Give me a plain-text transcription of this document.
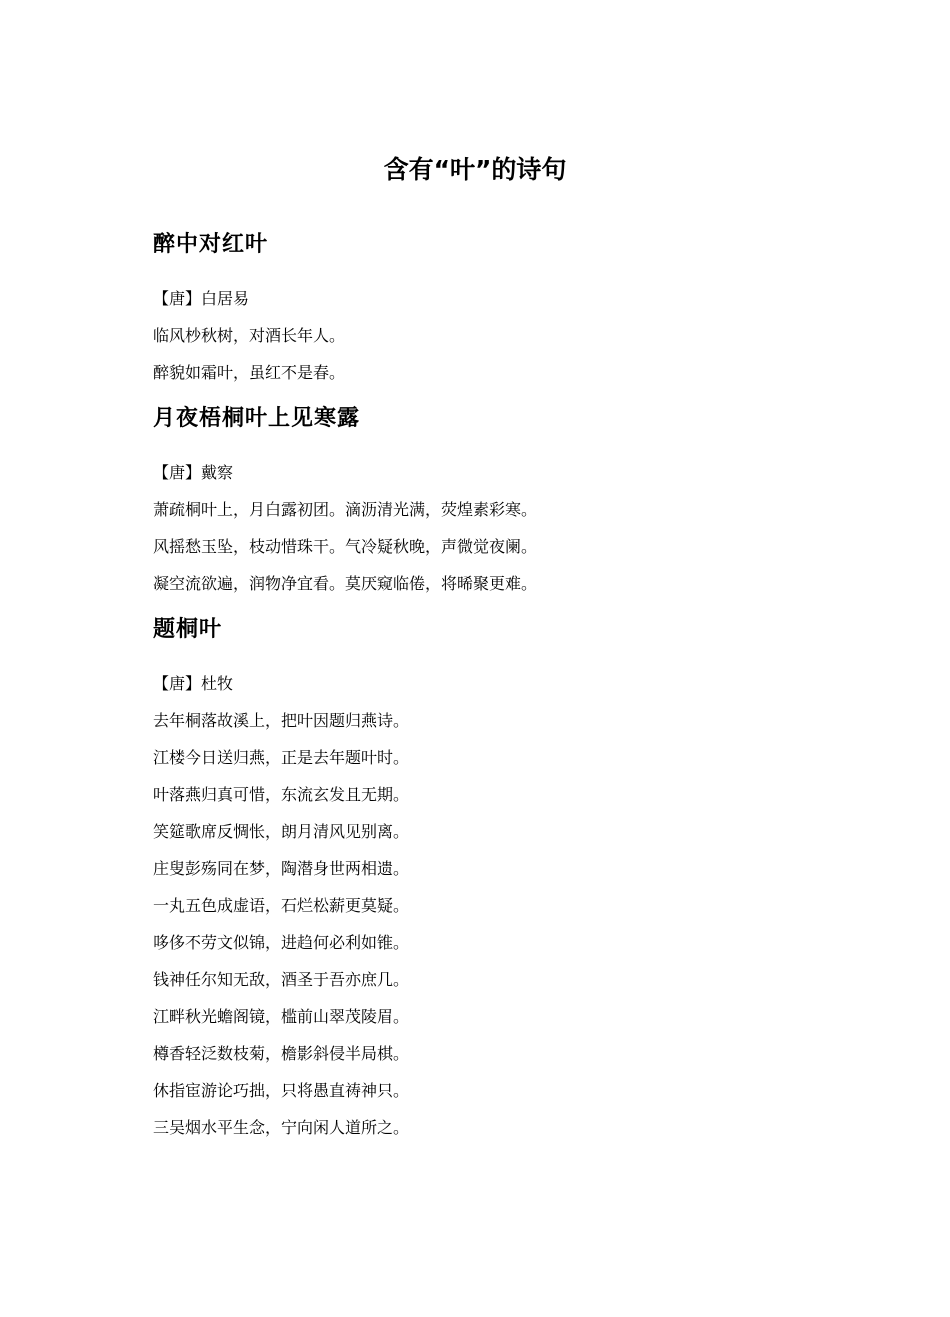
含有“叶”的诗句
醉中对红叶
【唐】白居易
临风杪秋树，对酒长年人。
醉貌如霜叶，虽红不是春。
月夜梧桐叶上见寒露
【唐】戴察
萧疏桐叶上，月白露初团。滴沥清光满，荧煌素彩寒。
风摇愁玉坠，枝动惜珠干。气冷疑秋晚，声微觉夜阑。
凝空流欲遍，润物净宜看。莫厌窥临倦，将晞聚更难。
题桐叶
【唐】杜牧
去年桐落故溪上，把叶因题归燕诗。
江楼今日送归燕，正是去年题叶时。
叶落燕归真可惜，东流玄发且无期。
笑筵歌席反惆怅，朗月清风见别离。
庄叟彭殇同在梦，陶潜身世两相遗。
一丸五色成虚语，石烂松薪更莫疑。
哆侈不劳文似锦，进趋何必利如锥。
钱神任尔知无敌，酒圣于吾亦庶几。
江畔秋光蟾阁镜，槛前山翠茂陵眉。
樽香轻泛数枝菊，檐影斜侵半局棋。
休指宦游论巧拙，只将愚直祷神只。
三吴烟水平生念，宁向闲人道所之。
